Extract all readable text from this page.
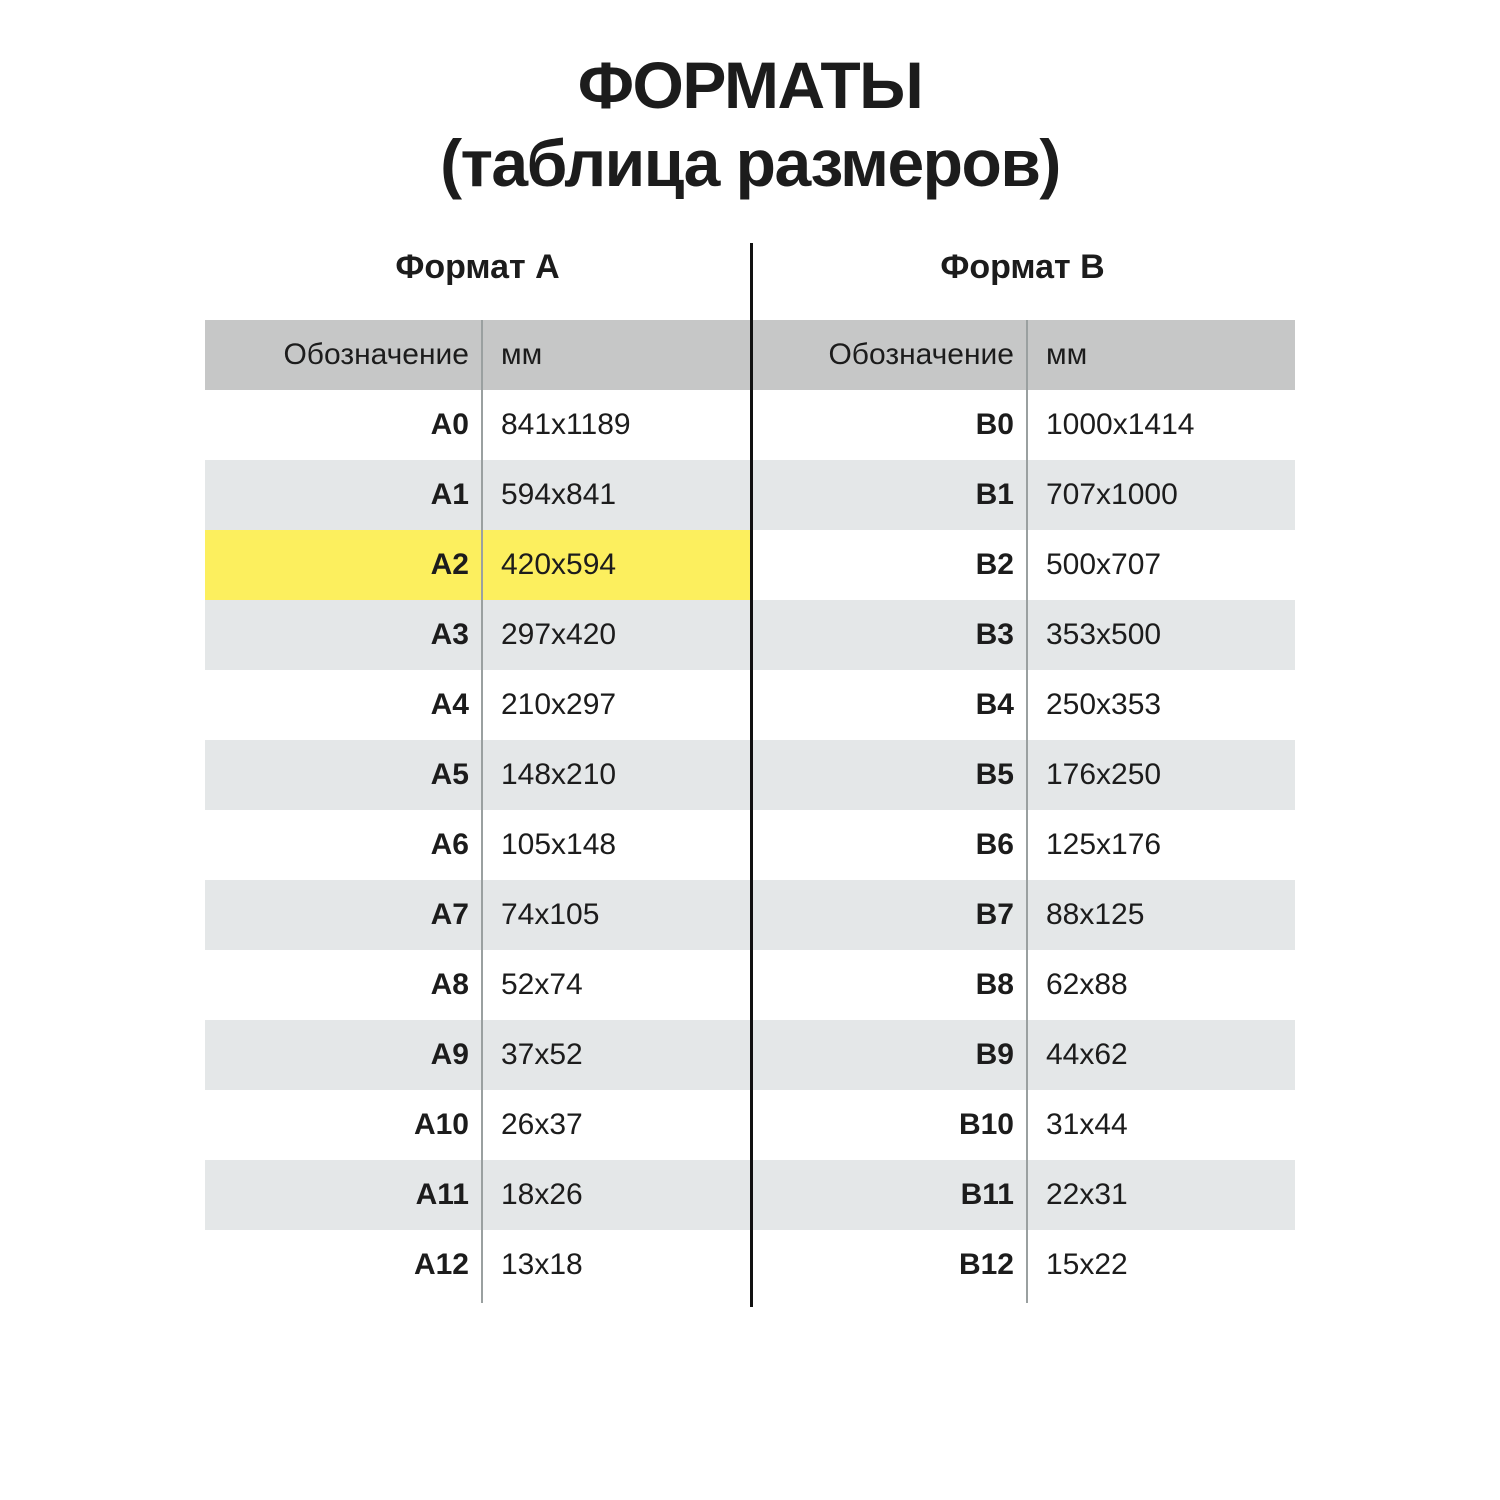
ФОРМАТЫ
(таблица размеров)
Формат А	Формат В
Обозначение мм
A0 841x1189
A1 594x841
A2 420x594
A3 297x420
A4 210x297
A5 148x210
A6 105x148
A7 74x105
A8 52x74
A9 37x52
A10 26x37
A11 18x26
A12 13x18
Обозначение мм
B0 1000x1414
B1 707x1000
B2 500x707
B3 353x500
B4 250x353
B5 176x250
B6 125x176
B7 88x125
B8 62x88
B9 44x62
B10 31x44
B11 22x31
B12 15x22
